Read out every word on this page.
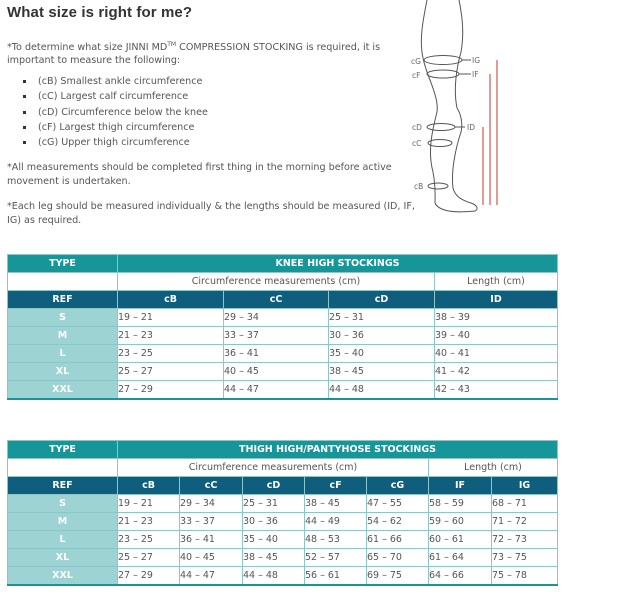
What size is right for me?
*To determine what size JINNI MD™ COMPRESSION STOCKING is required, it is important to measure the following:
(cB) Smallest ankle circumference
(cC) Largest calf circumference
(cD) Circumference below the knee
(cF) Largest thigh circumference
(cG) Upper thigh circumference
*All measurements should be completed first thing in the morning before active movement is undertaken.
*Each leg should be measured individually & the lengths should be measured (ID, IF, IG) as required.
cG
cF
cD
cC
cB
IG
IF
ID
TYPE	KNEE HIGH STOCKINGS			
	Circumference measurements (cm)			Length (cm)
REF	cB	cC	cD	ID
S	19 – 21	29 – 34	25 – 31	38 – 39
M	21 – 23	33 – 37	30 – 36	39 – 40
L	23 – 25	36 – 41	35 – 40	40 – 41
XL	25 – 27	40 – 45	38 – 45	41 – 42
XXL	27 – 29	44 – 47	44 – 48	42 – 43
TYPE	THIGH HIGH/PANTYHOSE STOCKINGS						
	Circumference measurements (cm)					Length (cm)	
REF	cB	cC	cD	cF	cG	IF	IG
S	19 – 21	29 – 34	25 – 31	38 – 45	47 – 55	58 – 59	68 – 71
M	21 – 23	33 – 37	30 – 36	44 – 49	54 – 62	59 – 60	71 – 72
L	23 – 25	36 – 41	35 – 40	48 – 53	61 – 66	60 – 61	72 – 73
XL	25 – 27	40 – 45	38 – 45	52 – 57	65 – 70	61 – 64	73 – 75
XXL	27 – 29	44 – 47	44 – 48	56 – 61	69 – 75	64 – 66	75 – 78
